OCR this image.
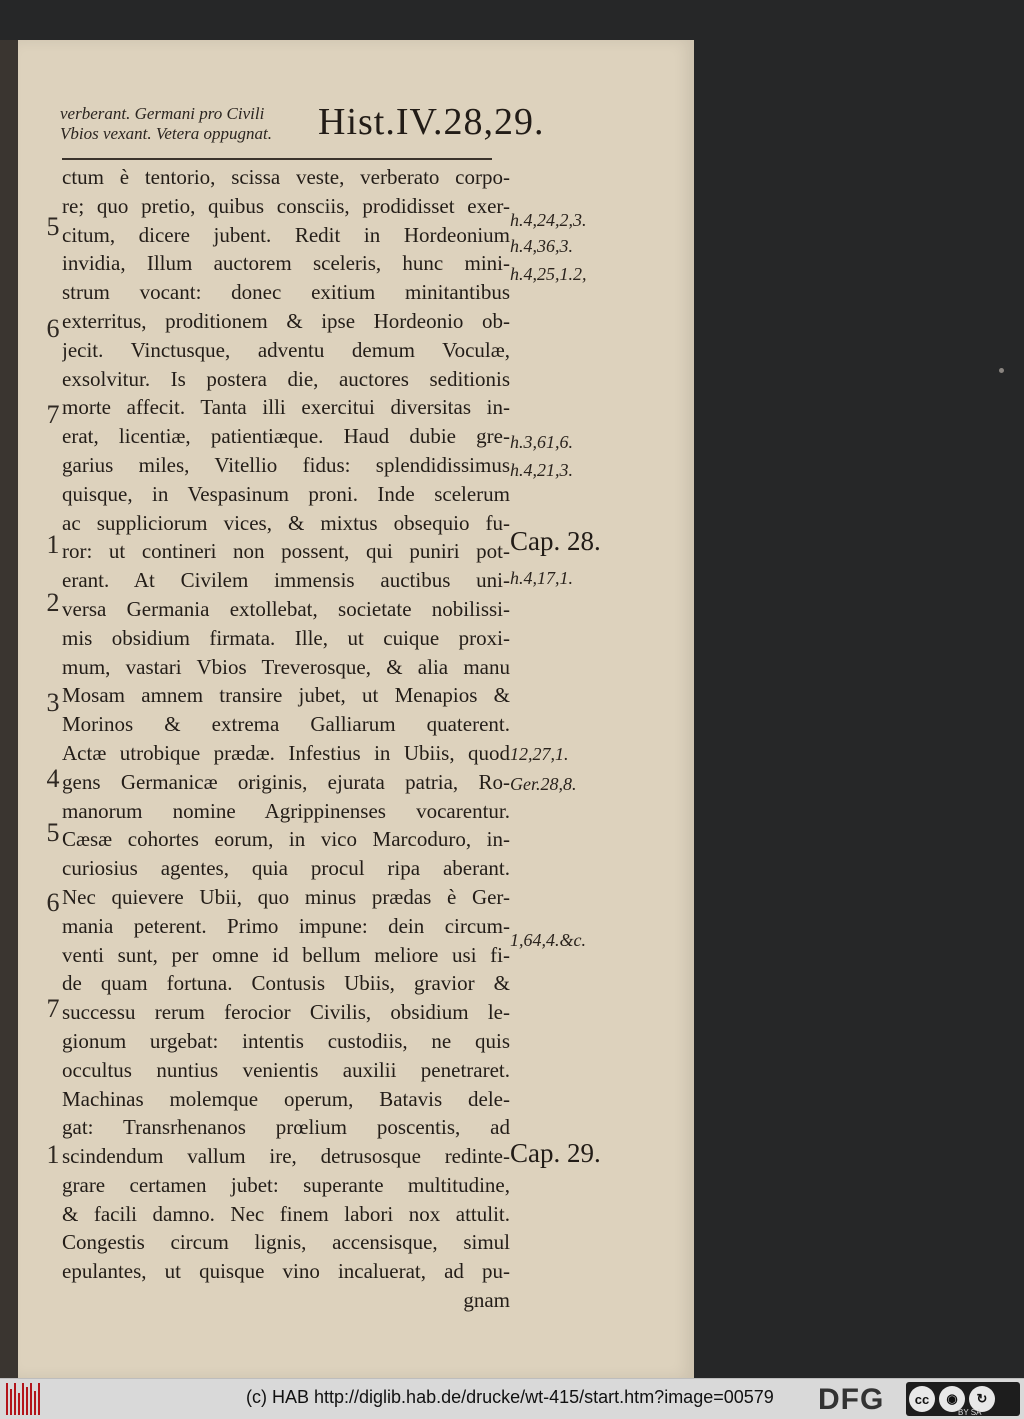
verberant. Germani pro Civili
Vbios vexant. Vetera oppugnat. Hist.IV.28,29.
ctum è tentorio, scissa veste, verberato corpo-
re; quo pretio, quibus consciis, prodidisset exer-
citum, dicere jubent. Redit in Hordeonium
invidia, Illum auctorem sceleris, hunc mini-
strum vocant: donec exitium minitantibus
exterritus, proditionem & ipse Hordeonio ob-
jecit. Vinctusque, adventu demum Voculæ,
exsolvitur. Is postera die, auctores seditionis
morte affecit. Tanta illi exercitui diversitas in-
erat, licentiæ, patientiæque. Haud dubie gre-
garius miles, Vitellio fidus: splendidissimus
quisque, in Vespasinum proni. Inde scelerum
ac suppliciorum vices, & mixtus obsequio fu-
ror: ut contineri non possent, qui puniri pot-
erant. At Civilem immensis auctibus uni-
versa Germania extollebat, societate nobilissi-
mis obsidium firmata. Ille, ut cuique proxi-
mum, vastari Vbios Treverosque, & alia manu
Mosam amnem transire jubet, ut Menapios &
Morinos & extrema Galliarum quaterent.
Actæ utrobique prædæ. Infestius in Ubiis, quod
gens Germanicæ originis, ejurata patria, Ro-
manorum nomine Agrippinenses vocarentur.
Cæsæ cohortes eorum, in vico Marcoduro, in-
curiosius agentes, quia procul ripa aberant.
Nec quievere Ubii, quo minus prædas è Ger-
mania peterent. Primo impune: dein circum-
venti sunt, per omne id bellum meliore usi fi-
de quam fortuna. Contusis Ubiis, gravior &
successu rerum ferocior Civilis, obsidium le-
gionum urgebat: intentis custodiis, ne quis
occultus nuntius venientis auxilii penetraret.
Machinas molemque operum, Batavis dele-
gat: Transrhenanos prœlium poscentis, ad
scindendum vallum ire, detrusosque redinte-
grare certamen jubet: superante multitudine,
& facili damno. Nec finem labori nox attulit.
Congestis circum lignis, accensisque, simul
epulantes, ut quisque vino incaluerat, ad pu-
gnam
5
6
7
1
2
3
4
5
6
7
1
h.4,24,2,3.
h.4,36,3.
h.4,25,1.2,
h.3,61,6.
h.4,21,3.
Cap. 28.
h.4,17,1.
12,27,1.
Ger.28,8.
1,64,4.&c.
Cap. 29.
(c) HAB http://diglib.hab.de/drucke/wt-415/start.htm?image=00579 DFG	cc	◉	↻
BY SA
